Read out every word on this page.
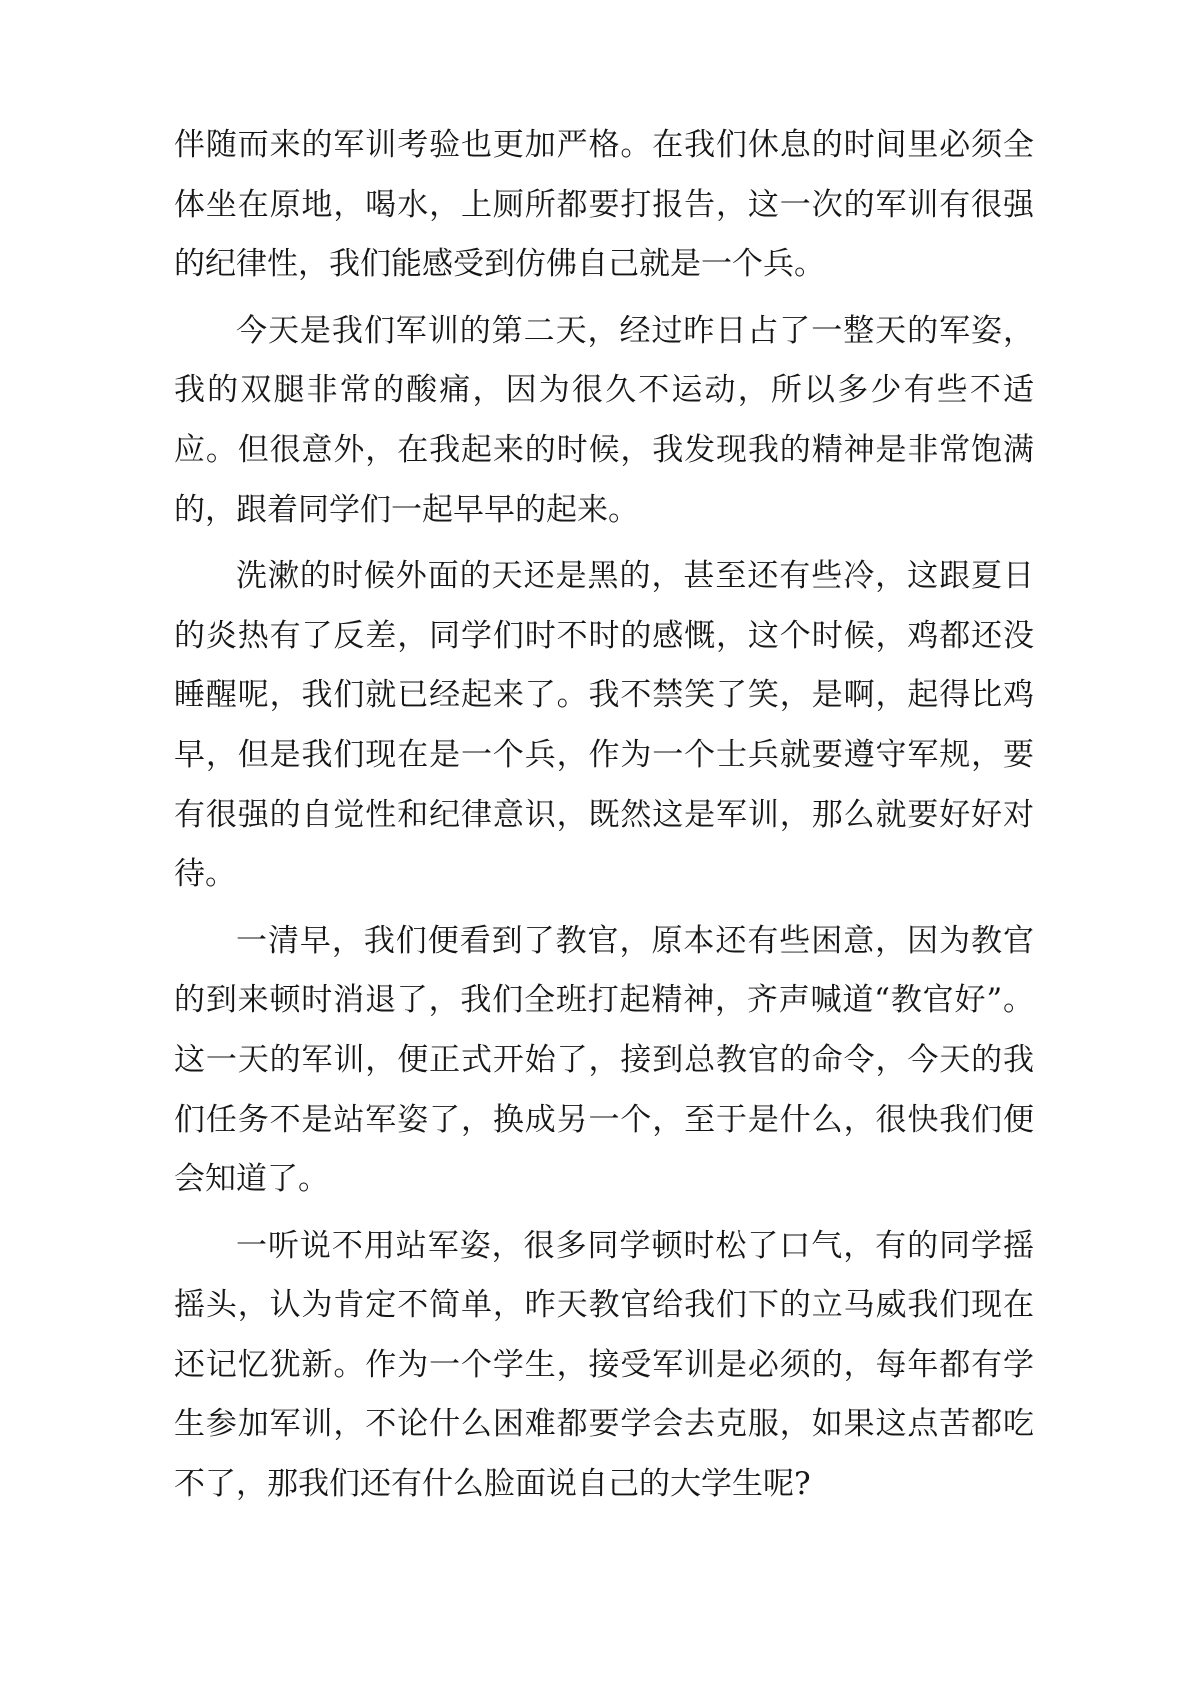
伴随而来的军训考验也更加严格。在我们休息的时间里必须全体坐在原地，喝水，上厕所都要打报告，这一次的军训有很强的纪律性，我们能感受到仿佛自己就是一个兵。

今天是我们军训的第二天，经过昨日占了一整天的军姿，我的双腿非常的酸痛，因为很久不运动，所以多少有些不适应。但很意外，在我起来的时候，我发现我的精神是非常饱满的，跟着同学们一起早早的起来。

洗漱的时候外面的天还是黑的，甚至还有些冷，这跟夏日的炎热有了反差，同学们时不时的感慨，这个时候，鸡都还没睡醒呢，我们就已经起来了。我不禁笑了笑，是啊，起得比鸡早，但是我们现在是一个兵，作为一个士兵就要遵守军规，要有很强的自觉性和纪律意识，既然这是军训，那么就要好好对待。

一清早，我们便看到了教官，原本还有些困意，因为教官的到来顿时消退了，我们全班打起精神，齐声喊道“教官好”。这一天的军训，便正式开始了，接到总教官的命令，今天的我们任务不是站军姿了，换成另一个，至于是什么，很快我们便会知道了。

一听说不用站军姿，很多同学顿时松了口气，有的同学摇摇头，认为肯定不简单，昨天教官给我们下的立马威我们现在还记忆犹新。作为一个学生，接受军训是必须的，每年都有学生参加军训，不论什么困难都要学会去克服，如果这点苦都吃不了，那我们还有什么脸面说自己的大学生呢?
